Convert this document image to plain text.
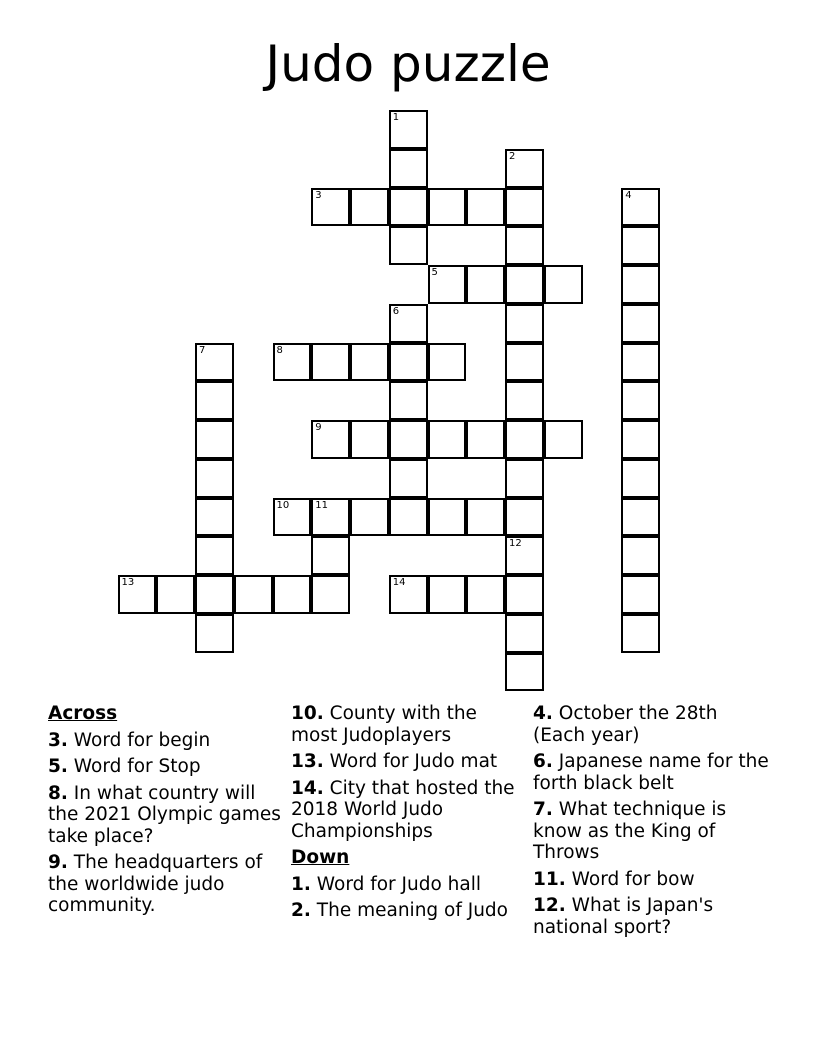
Judo puzzle
3
5
8
9
10	11
13	14
1
2
4
6
7
12
Across
3. Word for begin
5. Word for Stop
8. In what country will the 2021 Olympic games take place?
9. The headquarters of the worldwide judo community.
10. County with the most Judoplayers
13. Word for Judo mat
14. City that hosted the 2018 World Judo Championships
Down
1. Word for Judo hall
2. The meaning of Judo
4. October the 28th (Each year)
6. Japanese name for the forth black belt
7. What technique is know as the King of Throws
11. Word for bow
12. What is Japan's national sport?
